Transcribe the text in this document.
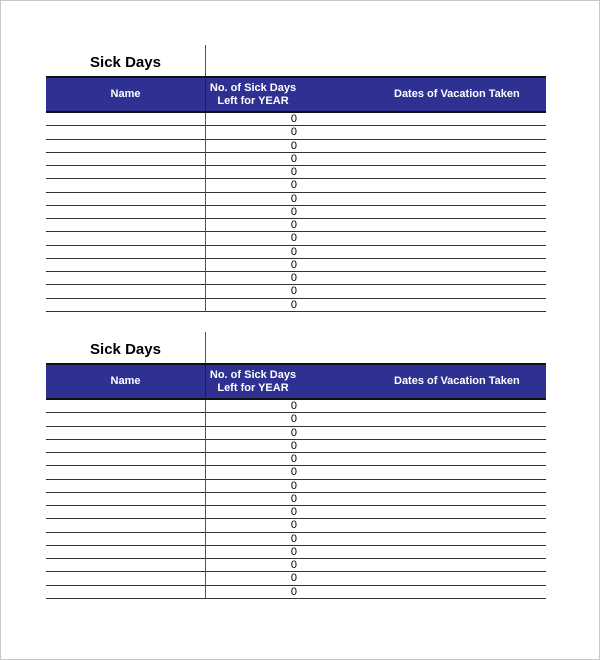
Sick Days
Name
No. of Sick Days Left for YEAR
Dates of Vacation Taken
0
0
0
0
0
0
0
0
0
0
0
0
0
0
0
Sick Days
Name
No. of Sick Days Left for YEAR
Dates of Vacation Taken
0
0
0
0
0
0
0
0
0
0
0
0
0
0
0
